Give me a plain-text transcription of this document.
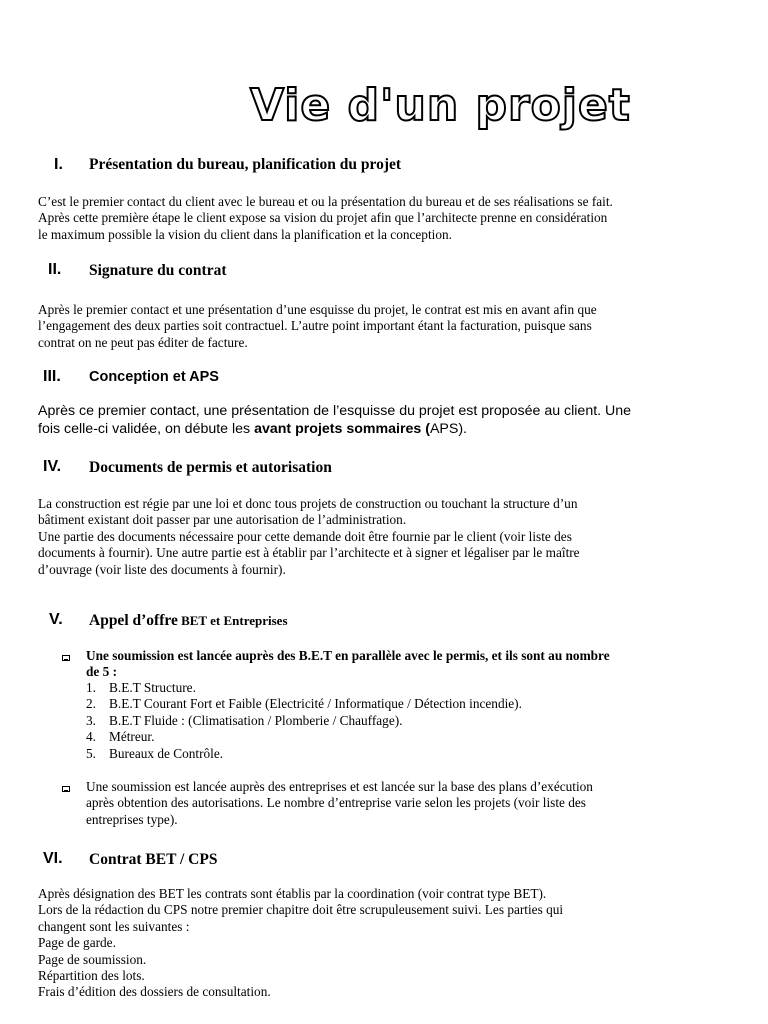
Vie d'un projet
I. Présentation du bureau, planification du projet
C’est le premier contact du client avec le bureau et ou la présentation du bureau et de ses réalisations se fait.
Après cette première étape le client expose sa vision du projet afin que l’architecte prenne en considération
le maximum possible la vision du client dans la planification et la conception.
II. Signature du contrat
Après le premier contact et une présentation d’une esquisse du projet, le contrat est mis en avant afin que
l’engagement des deux parties soit contractuel. L’autre point important étant la facturation, puisque sans
contrat on ne peut pas éditer de facture.
III. Conception et APS
Après ce premier contact, une présentation de l’esquisse du projet est proposée au client. Une
fois celle-ci validée, on débute les avant projets sommaires (APS).
IV. Documents de permis et autorisation
La construction est régie par une loi et donc tous projets de construction ou touchant la structure d’un
bâtiment existant doit passer par une autorisation de l’administration.
Une partie des documents nécessaire pour cette demande doit être fournie par le client (voir liste des
documents à fournir). Une autre partie est à établir par l’architecte et à signer et légaliser par le maître
d’ouvrage (voir liste des documents à fournir).
V. Appel d’offre BET et Entreprises
Une soumission est lancée auprès des B.E.T en parallèle avec le permis, et ils sont au nombre
de 5 :
1. B.E.T Structure.
2. B.E.T Courant Fort et Faible (Electricité / Informatique / Détection incendie).
3. B.E.T Fluide : (Climatisation / Plomberie / Chauffage).
4. Métreur.
5. Bureaux de Contrôle.
Une soumission est lancée auprès des entreprises et est lancée sur la base des plans d’exécution
après obtention des autorisations. Le nombre d’entreprise varie selon les projets (voir liste des
entreprises type).
VI. Contrat BET / CPS
Après désignation des BET les contrats sont établis par la coordination (voir contrat type BET).
Lors de la rédaction du CPS notre premier chapitre doit être scrupuleusement suivi. Les parties qui
changent sont les suivantes :
Page de garde.
Page de soumission.
Répartition des lots.
Frais d’édition des dossiers de consultation.
